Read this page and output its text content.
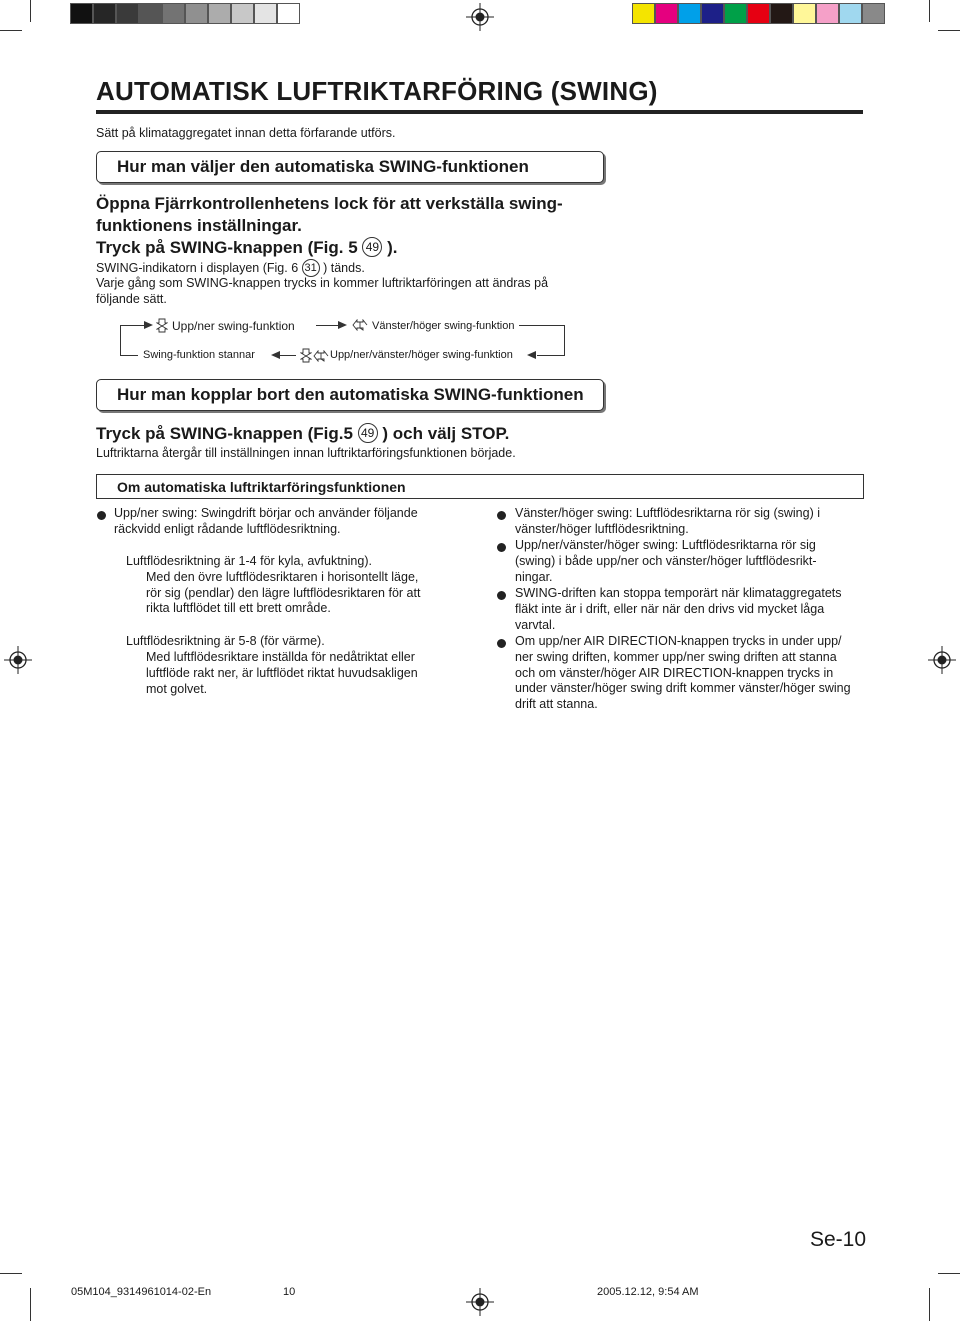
AUTOMATISK LUFTRIKTARFÖRING (SWING)
Sätt på klimataggregatet innan detta förfarande utförs.
Hur man väljer den automatiska SWING-funktionen
Öppna Fjärrkontrollenhetens lock för att verkställa swing-
funktionens inställningar.
Tryck på SWING-knappen (Fig. 5 49 ).
SWING-indikatorn i displayen (Fig. 6 31 ) tänds.
Varje gång som SWING-knappen trycks in kommer luftriktarföringen att ändras på
följande sätt.
Upp/ner swing-funktion	Vänster/höger swing-funktion
Swing-funktion stannar	Upp/ner/vänster/höger swing-funktion
Hur man kopplar bort den automatiska SWING-funktionen
Tryck på SWING-knappen (Fig.5 49 ) och välj STOP.
Luftriktarna återgår till inställningen innan luftriktarföringsfunktionen började.
Om automatiska luftriktarföringsfunktionen
Upp/ner swing: Swingdrift börjar och använder följande
räckvidd enligt rådande luftflödesriktning.
Luftflödesriktning är 1-4 för kyla, avfuktning).
Med den övre luftflödesriktaren i horisontellt läge,
rör sig (pendlar) den lägre luftflödesriktaren för att
rikta luftflödet till ett brett område.
Luftflödesriktning är 5-8 (för värme).
Med luftflödesriktare inställda för nedåtriktat eller
luftflöde rakt ner, är luftflödet riktat huvudsakligen
mot golvet.
Vänster/höger swing: Luftflödesriktarna rör sig (swing) i
vänster/höger luftflödesriktning.
Upp/ner/vänster/höger swing: Luftflödesriktarna rör sig
(swing) i både upp/ner och vänster/höger luftflödesrikt-
ningar.
SWING-driften kan stoppa temporärt när klimataggregatets
fläkt inte är i drift, eller när när den drivs vid mycket låga
varvtal.
Om upp/ner AIR DIRECTION-knappen trycks in under upp/
ner swing driften, kommer upp/ner swing driften att stanna
och om vänster/höger AIR DIRECTION-knappen trycks in
under vänster/höger swing drift kommer vänster/höger swing
drift att stanna.
Se-10
05M104_9314961014-02-En	10	2005.12.12, 9:54 AM
